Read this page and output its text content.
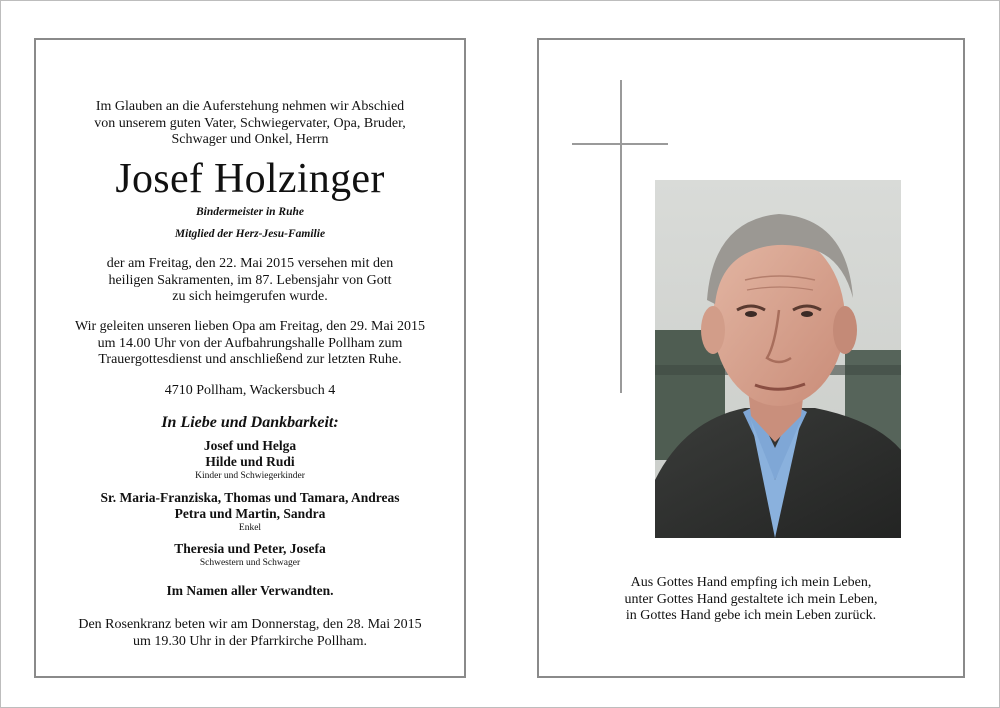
Im Glauben an die Auferstehung nehmen wir Abschied
von unserem guten Vater, Schwiegervater, Opa, Bruder,
Schwager und Onkel, Herrn
Josef Holzinger
Bindermeister in Ruhe
Mitglied der Herz-Jesu-Familie
der am Freitag, den 22. Mai 2015 versehen mit den
heiligen Sakramenten, im 87. Lebensjahr von Gott
zu sich heimgerufen wurde.
Wir geleiten unseren lieben Opa am Freitag, den 29. Mai 2015
um 14.00 Uhr von der Aufbahrungshalle Pollham zum
Trauergottesdienst und anschließend zur letzten Ruhe.
4710 Pollham, Wackersbuch 4
In Liebe und Dankbarkeit:
Josef und Helga
Hilde und Rudi
Kinder und Schwiegerkinder
Sr. Maria-Franziska, Thomas und Tamara, Andreas
Petra und Martin, Sandra
Enkel
Theresia und Peter, Josefa
Schwestern und Schwager
Im Namen aller Verwandten.
Den Rosenkranz beten wir am Donnerstag, den 28. Mai 2015
um 19.30 Uhr in der Pfarrkirche Pollham.
Aus Gottes Hand empfing ich mein Leben,
unter Gottes Hand gestaltete ich mein Leben,
in Gottes Hand gebe ich mein Leben zurück.
